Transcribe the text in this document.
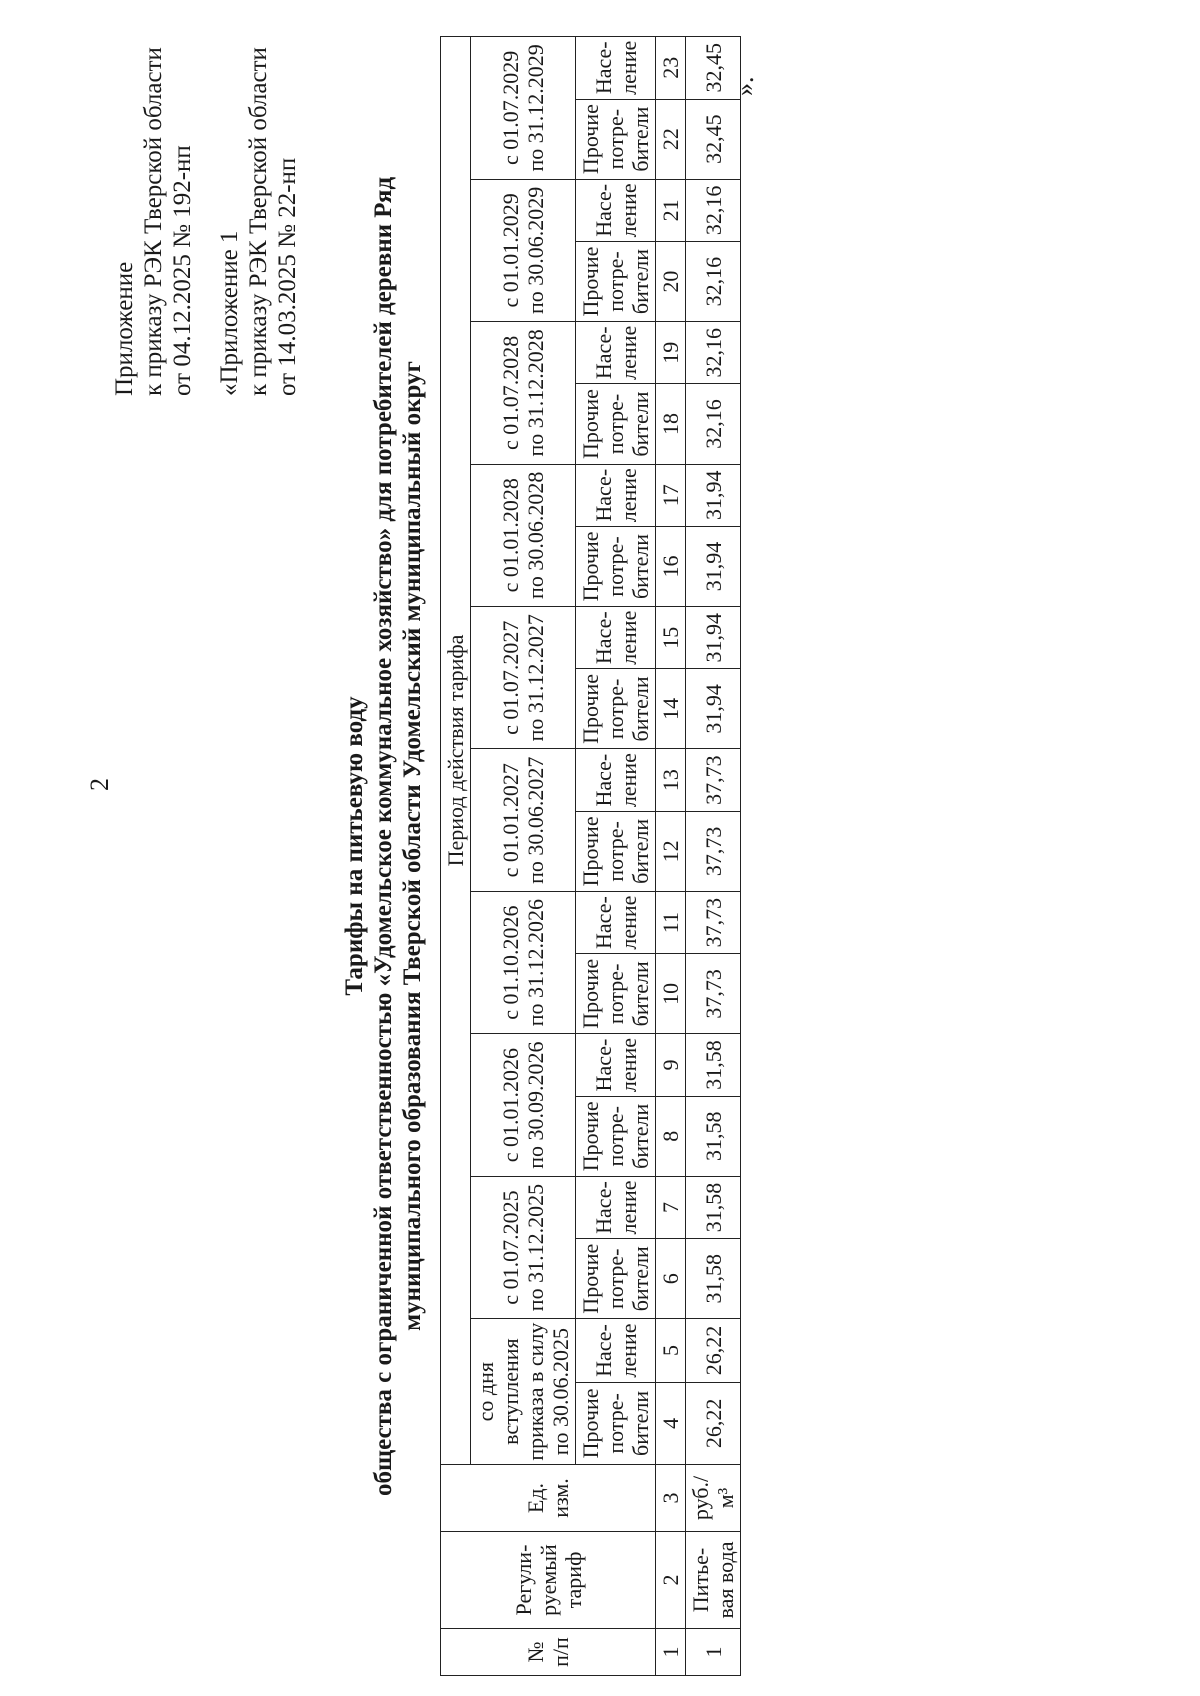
2
Приложение к приказу РЭК Тверской области от 04.12.2025 № 192-нп «Приложение 1 к приказу РЭК Тверской области от 14.03.2025 № 22-нп
Тарифы на питьевую воду общества с ограниченной ответственностью «Удомельское коммунальное хозяйство» для потребителей деревни Ряд муниципального образования Тверской области Удомельский муниципальный округ
№ п/п	Регули-руемый тариф	Ед. изм.	Период действия тарифа																			
			со дня вступления приказа в силу по 30.06.2025		с 01.07.2025 по 31.12.2025		с 01.01.2026 по 30.09.2026		с 01.10.2026 по 31.12.2026		с 01.01.2027 по 30.06.2027		с 01.07.2027 по 31.12.2027		с 01.01.2028 по 30.06.2028		с 01.07.2028 по 31.12.2028		с 01.01.2029 по 30.06.2029		с 01.07.2029 по 31.12.2029	
			Прочие потре-бители	Насе-ление	Прочие потре-бители	Насе-ление	Прочие потре-бители	Насе-ление	Прочие потре-бители	Насе-ление	Прочие потре-бители	Насе-ление	Прочие потре-бители	Насе-ление	Прочие потре-бители	Насе-ление	Прочие потре-бители	Насе-ление	Прочие потре-бители	Насе-ление	Прочие потре-бители	Насе-ление
1	2	3	4	5	6	7	8	9	10	11	12	13	14	15	16	17	18	19	20	21	22	23
1	Питье-вая вода	руб./м³	26,22	26,22	31,58	31,58	31,58	31,58	37,73	37,73	37,73	37,73	31,94	31,94	31,94	31,94	32,16	32,16	32,16	32,16	32,45	32,45 ».
